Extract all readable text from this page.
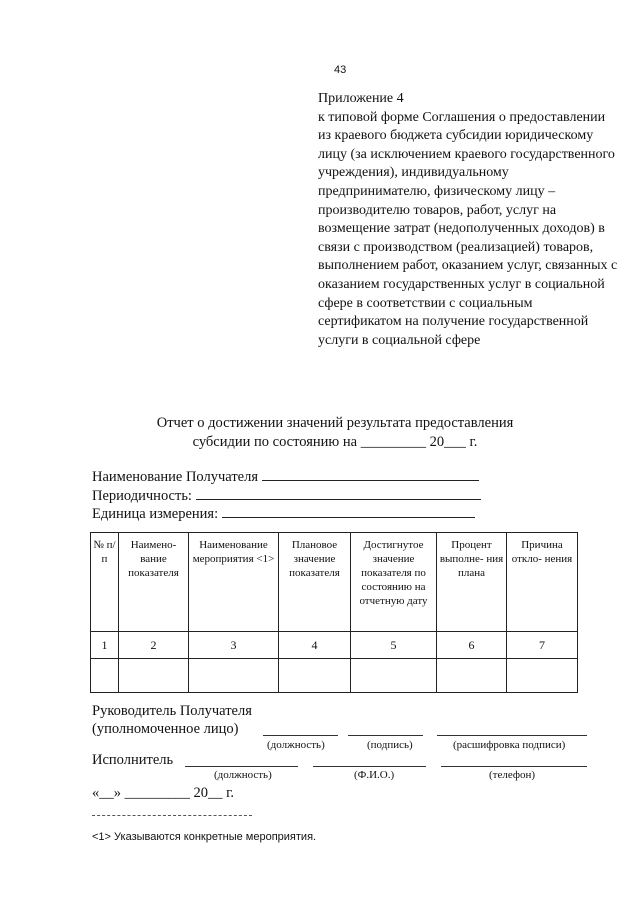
43
Приложение 4
к типовой форме Соглашения о предоставлении из краевого бюджета субсидии юридическому лицу (за исключением краевого государственного учреждения), индивидуальному предпринимателю, физическому лицу – производителю товаров, работ, услуг на возмещение затрат (недополученных доходов) в связи с производством (реализацией) товаров, выполнением работ, оказанием услуг, связанных с оказанием государственных услуг в социальной сфере в соответствии с социальным сертификатом на получение государственной услуги в социальной сфере
Отчет о достижении значений результата предоставления
субсидии по состоянию на _________ 20___ г.
Наименование Получателя
Периодичность:
Единица измерения:
№ п/п	Наимено- вание показателя	Наименование мероприятия <1>	Плановое значение показателя	Достигнутое значение показателя по состоянию на отчетную дату	Процент выполне- ния плана	Причина откло- нения
1	2	3	4	5	6	7

Руководитель Получателя
(уполномоченное лицо)
(должность)	(подпись)	(расшифровка подписи)
Исполнитель
(должность)	(Ф.И.О.)	(телефон)
«__» _________ 20__ г.
<1> Указываются конкретные мероприятия.
